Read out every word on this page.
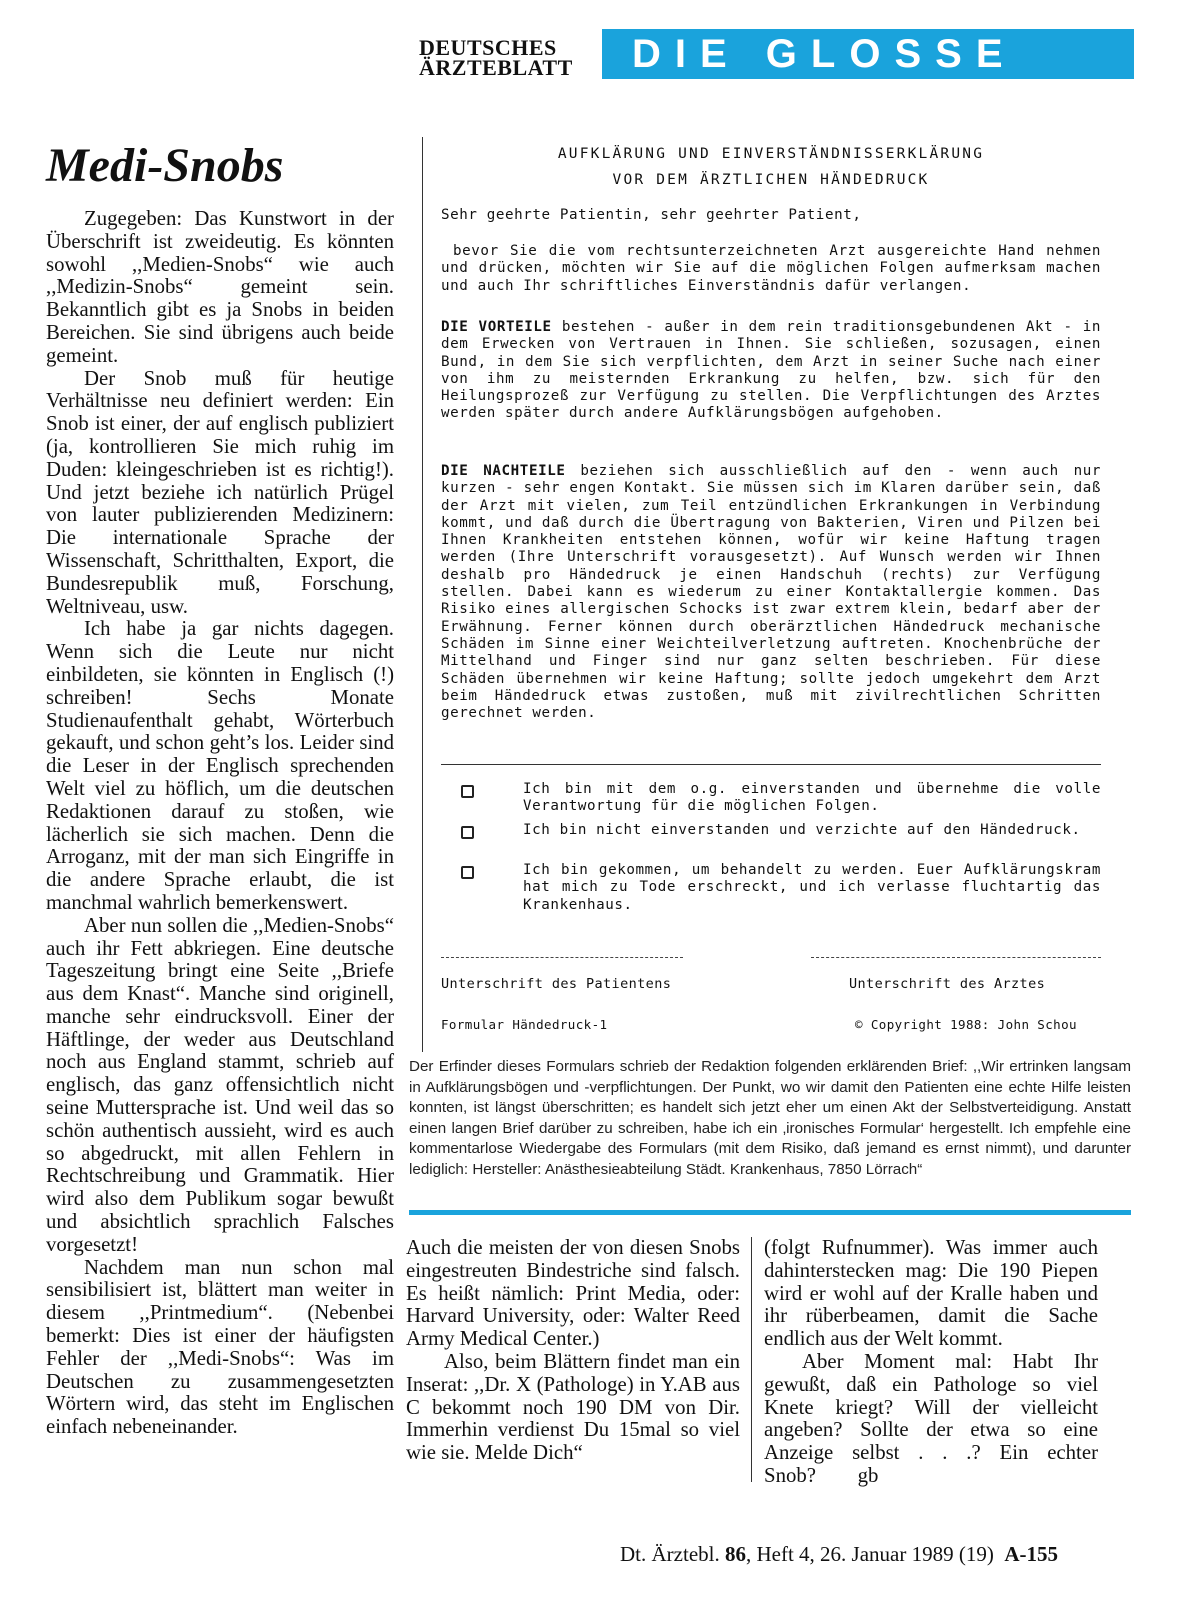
DEUTSCHES
ÄRZTEBLATT	DIE GLOSSE
Medi-Snobs

Zugegeben: Das Kunstwort in der Überschrift ist zweideutig. Es könnten sowohl ,,Medien-Snobs“ wie auch ,,Medizin-Snobs“ gemeint sein. Bekanntlich gibt es ja Snobs in beiden Bereichen. Sie sind übrigens auch beide gemeint.

Der Snob muß für heutige Verhältnisse neu definiert werden: Ein Snob ist einer, der auf englisch publiziert (ja, kontrollieren Sie mich ruhig im Duden: kleingeschrieben ist es richtig!). Und jetzt beziehe ich natürlich Prügel von lauter publizierenden Medizinern: Die internationale Sprache der Wissenschaft, Schritthalten, Export, die Bundesrepublik muß, Forschung, Weltniveau, usw.

Ich habe ja gar nichts dagegen. Wenn sich die Leute nur nicht einbildeten, sie könnten in Englisch (!) schreiben! Sechs Monate Studienaufenthalt gehabt, Wörterbuch gekauft, und schon geht’s los. Leider sind die Leser in der Englisch sprechenden Welt viel zu höflich, um die deutschen Redaktionen darauf zu stoßen, wie lächerlich sie sich machen. Denn die Arroganz, mit der man sich Eingriffe in die andere Sprache erlaubt, die ist manchmal wahrlich bemerkenswert.

Aber nun sollen die ,,Medien-Snobs“ auch ihr Fett abkriegen. Eine deutsche Tageszeitung bringt eine Seite ,,Briefe aus dem Knast“. Manche sind originell, manche sehr eindrucksvoll. Einer der Häftlinge, der weder aus Deutschland noch aus England stammt, schrieb auf englisch, das ganz offensichtlich nicht seine Muttersprache ist. Und weil das so schön authentisch aussieht, wird es auch so abgedruckt, mit allen Fehlern in Rechtschreibung und Grammatik. Hier wird also dem Publikum sogar bewußt und absichtlich sprachlich Falsches vorgesetzt!

Nachdem man nun schon mal sensibilisiert ist, blättert man weiter in diesem ,,Printmedium“. (Nebenbei bemerkt: Dies ist einer der häufigsten Fehler der ,,Medi-Snobs“: Was im Deutschen zu zusammengesetzten Wörtern wird, das steht im Englischen einfach nebeneinander.

AUFKLÄRUNG UND EINVERSTÄNDNISSERKLÄRUNG
VOR DEM ÄRZTLICHEN HÄNDEDRUCK

Sehr geehrte Patientin, sehr geehrter Patient,

bevor Sie die vom rechtsunterzeichneten Arzt ausgereichte Hand nehmen und drücken, möchten wir Sie auf die möglichen Folgen aufmerksam machen und auch Ihr schriftliches Einverständnis dafür verlangen.

DIE VORTEILE bestehen - außer in dem rein traditionsgebundenen Akt - in dem Erwecken von Vertrauen in Ihnen. Sie schließen, sozusagen, einen Bund, in dem Sie sich verpflichten, dem Arzt in seiner Suche nach einer von ihm zu meisternden Erkrankung zu helfen, bzw. sich für den Heilungsprozeß zur Verfügung zu stellen. Die Verpflichtungen des Arztes werden später durch andere Aufklärungsbögen aufgehoben.

DIE NACHTEILE beziehen sich ausschließlich auf den - wenn auch nur kurzen - sehr engen Kontakt. Sie müssen sich im Klaren darüber sein, daß der Arzt mit vielen, zum Teil entzündlichen Erkrankungen in Verbindung kommt, und daß durch die Übertragung von Bakterien, Viren und Pilzen bei Ihnen Krankheiten entstehen können, wofür wir keine Haftung tragen werden (Ihre Unterschrift vorausgesetzt). Auf Wunsch werden wir Ihnen deshalb pro Händedruck je einen Handschuh (rechts) zur Verfügung stellen. Dabei kann es wiederum zu einer Kontaktallergie kommen. Das Risiko eines allergischen Schocks ist zwar extrem klein, bedarf aber der Erwähnung. Ferner können durch oberärztlichen Händedruck mechanische Schäden im Sinne einer Weichteilverletzung auftreten. Knochenbrüche der Mittelhand und Finger sind nur ganz selten beschrieben. Für diese Schäden übernehmen wir keine Haftung; sollte jedoch umgekehrt dem Arzt beim Händedruck etwas zustoßen, muß mit zivilrechtlichen Schritten gerechnet werden.

Ich bin mit dem o.g. einverstanden und übernehme die volle Verantwortung für die möglichen Folgen.
Ich bin nicht einverstanden und verzichte auf den Händedruck.
Ich bin gekommen, um behandelt zu werden. Euer Aufklärungskram hat mich zu Tode erschreckt, und ich verlasse fluchtartig das Krankenhaus.
Unterschrift des Patientens	Unterschrift des Arztes
Formular Händedruck-1	© Copyright 1988: John Schou
Der Erfinder dieses Formulars schrieb der Redaktion folgenden erklärenden Brief: ,,Wir ertrinken langsam in Aufklärungsbögen und -verpflichtungen. Der Punkt, wo wir damit den Patienten eine echte Hilfe leisten konnten, ist längst überschritten; es handelt sich jetzt eher um einen Akt der Selbstverteidigung. Anstatt einen langen Brief darüber zu schreiben, habe ich ein ‚ironisches Formular‘ hergestellt. Ich empfehle eine kommentarlose Wiedergabe des Formulars (mit dem Risiko, daß jemand es ernst nimmt), und darunter lediglich: Hersteller: Anästhesieabteilung Städt. Krankenhaus, 7850 Lörrach“

Auch die meisten der von diesen Snobs eingestreuten Bindestriche sind falsch. Es heißt nämlich: Print Media, oder: Harvard University, oder: Walter Reed Army Medical Center.)

Also, beim Blättern findet man ein Inserat: ,,Dr. X (Pathologe) in Y.AB aus C bekommt noch 190 DM von Dir. Immerhin verdienst Du 15mal so viel wie sie. Melde Dich“

(folgt Rufnummer). Was immer auch dahinterstecken mag: Die 190 Piepen wird er wohl auf der Kralle haben und ihr rüberbeamen, damit die Sache endlich aus der Welt kommt.

Aber Moment mal: Habt Ihr gewußt, daß ein Pathologe so viel Knete kriegt? Will der vielleicht angeben? Sollte der etwa so eine Anzeige selbst . . .? Ein echter Snob?   gb

Dt. Ärztebl. 86, Heft 4, 26. Januar 1989 (19) A-155
